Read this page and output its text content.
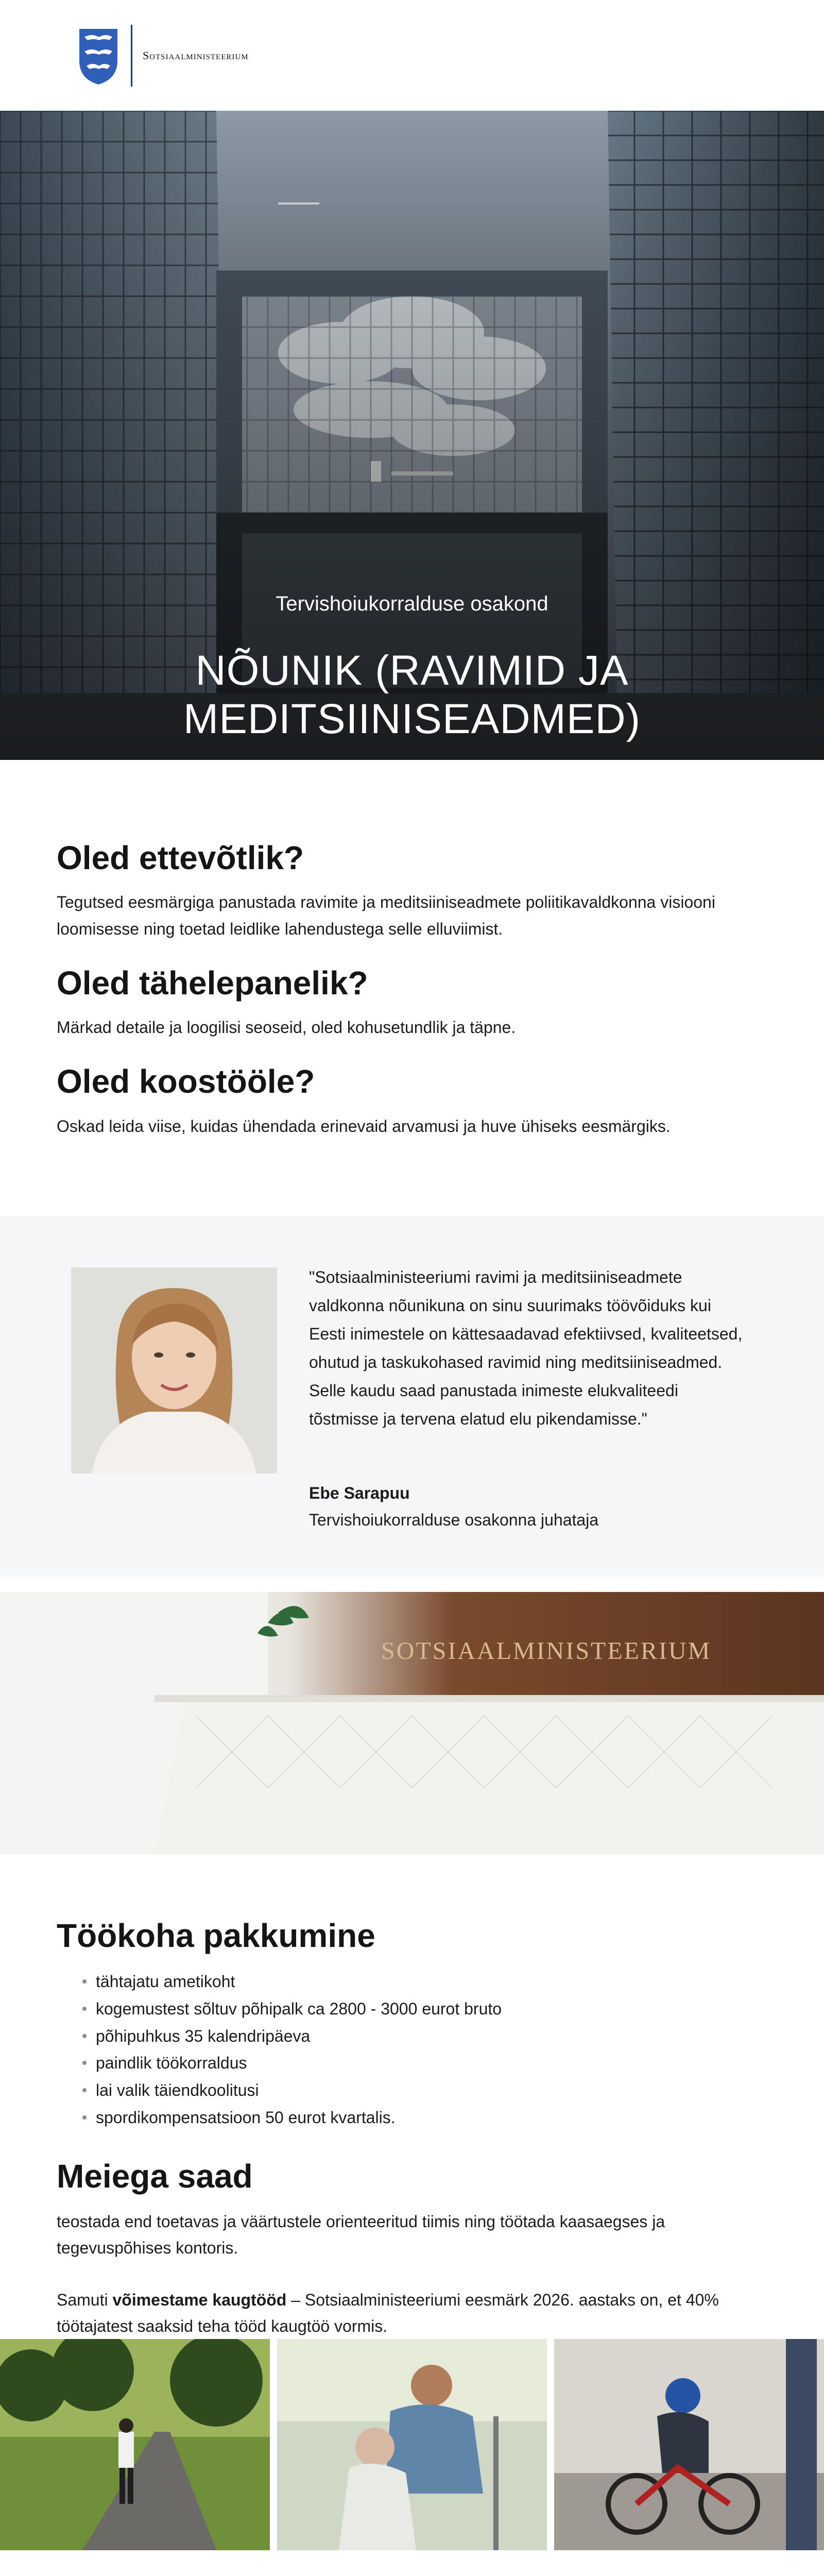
Sotsiaalministeerium
Tervishoiukorralduse osakond
NÕUNIK (RAVIMID JA MEDITSIINISEADMED)
Oled ettevõtlik?

Tegutsed eesmärgiga panustada ravimite ja meditsiiniseadmete poliitikavaldkonna visiooni loomisesse ning toetad leidlike lahendustega selle elluviimist.

Oled tähelepanelik?

Märkad detaile ja loogilisi seoseid, oled kohusetundlik ja täpne.

Oled koostööle?

Oskad leida viise, kuidas ühendada erinevaid arvamusi ja huve ühiseks eesmärgiks.

"Sotsiaalministeeriumi ravimi ja meditsiiniseadmete valdkonna nõunikuna on sinu suurimaks töövõiduks kui Eesti inimestele on kättesaadavad efektiivsed, kvaliteetsed, ohutud ja taskukohased ravimid ning meditsiiniseadmed. Selle kaudu saad panustada inimeste elukvaliteedi tõstmisse ja tervena elatud elu pikendamisse."

Ebe Sarapuu
Tervishoiukorralduse osakonna juhataja
SOTSIAALMINISTEERIUM
Töökoha pakkumine
tähtajatu ametikoht
kogemustest sõltuv põhipalk ca 2800 - 3000 eurot bruto
põhipuhkus 35 kalendripäeva
paindlik töökorraldus
lai valik täiendkoolitusi
spordikompensatsioon 50 eurot kvartalis.
Meiega saad

teostada end toetavas ja väärtustele orienteeritud tiimis ning töötada kaasaegses ja tegevuspõhises kontoris.

Samuti võimestame kaugtööd – Sotsiaalministeeriumi eesmärk 2026. aastaks on, et 40% töötajatest saaksid teha tööd kaugtöö vormis.
